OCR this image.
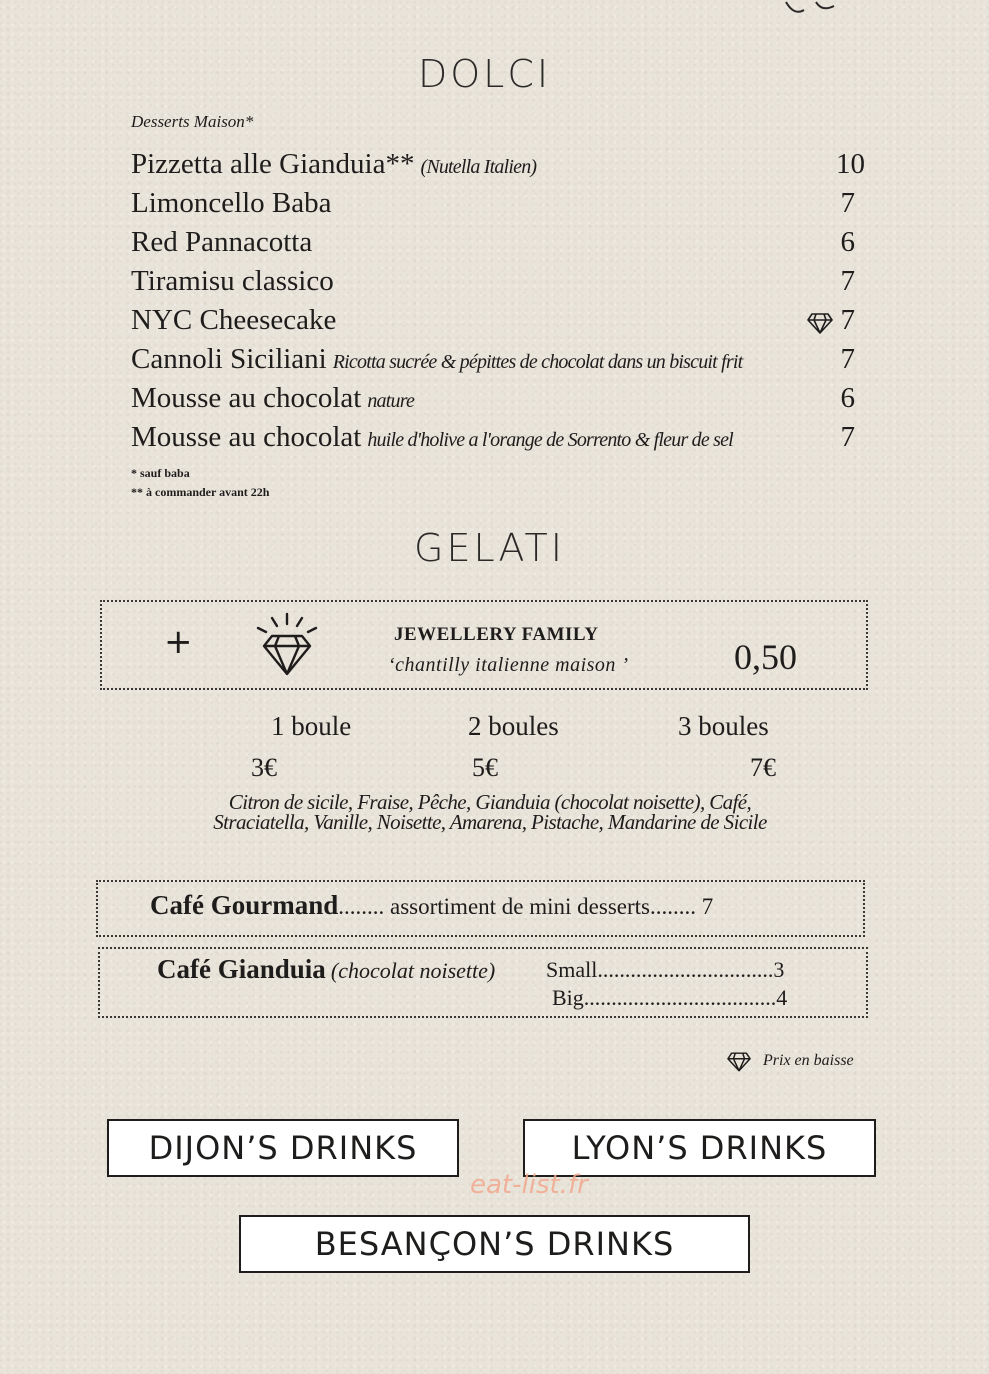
DOLCI
Desserts Maison*
Pizzetta alle Gianduia** (Nutella Italien)	10
Limoncello Baba	7
Red Pannacotta	6
Tiramisu classico	7
NYC Cheesecake	7
Cannoli Siciliani Ricotta sucrée & pépittes de chocolat dans un biscuit frit	7
Mousse au chocolat nature	6
Mousse au chocolat huile d'holive a l'orange de Sorrento & fleur de sel	7
* sauf baba
** à commander avant 22h
GELATI
+	JEWELLERY FAMILY
‘chantilly italienne maison ’	0,50
1 boule	2 boules	3 boules
3€	5€	7€
Citron de sicile, Fraise, Pêche, Gianduia (chocolat noisette), Café,
Straciatella, Vanille, Noisette, Amarena, Pistache, Mandarine de Sicile
Café Gourmand........ assortiment de mini desserts........ 7
Café Gianduia (chocolat noisette) Small................................3
Big...................................4
Prix en baisse
DIJON’S DRINKS	LYON’S DRINKS
eat-list.fr
BESANÇON’S DRINKS
